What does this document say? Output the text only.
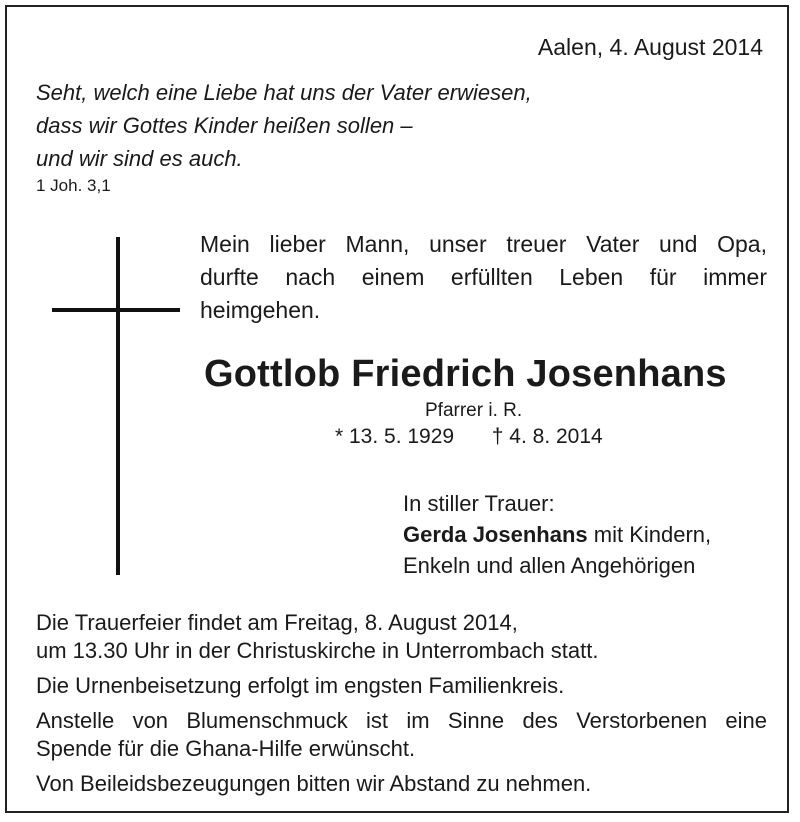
Aalen, 4. August 2014
Seht, welch eine Liebe hat uns der Vater erwiesen,
dass wir Gottes Kinder heißen sollen –
und wir sind es auch.
1 Joh. 3,1
Mein lieber Mann, unser treuer Vater und Opa,
durfte nach einem erfüllten Leben für immer
heimgehen.
Gottlob Friedrich Josenhans
Pfarrer i. R.
* 13. 5. 1929 † 4. 8. 2014
In stiller Trauer:
Gerda Josenhans mit Kindern,
Enkeln und allen Angehörigen

Die Trauerfeier findet am Freitag, 8. August 2014,

um 13.30 Uhr in der Christuskirche in Unterrombach statt.

Die Urnenbeisetzung erfolgt im engsten Familienkreis.

Anstelle von Blumenschmuck ist im Sinne des Verstorbenen eine

Spende für die Ghana-Hilfe erwünscht.

Von Beileidsbezeugungen bitten wir Abstand zu nehmen.
